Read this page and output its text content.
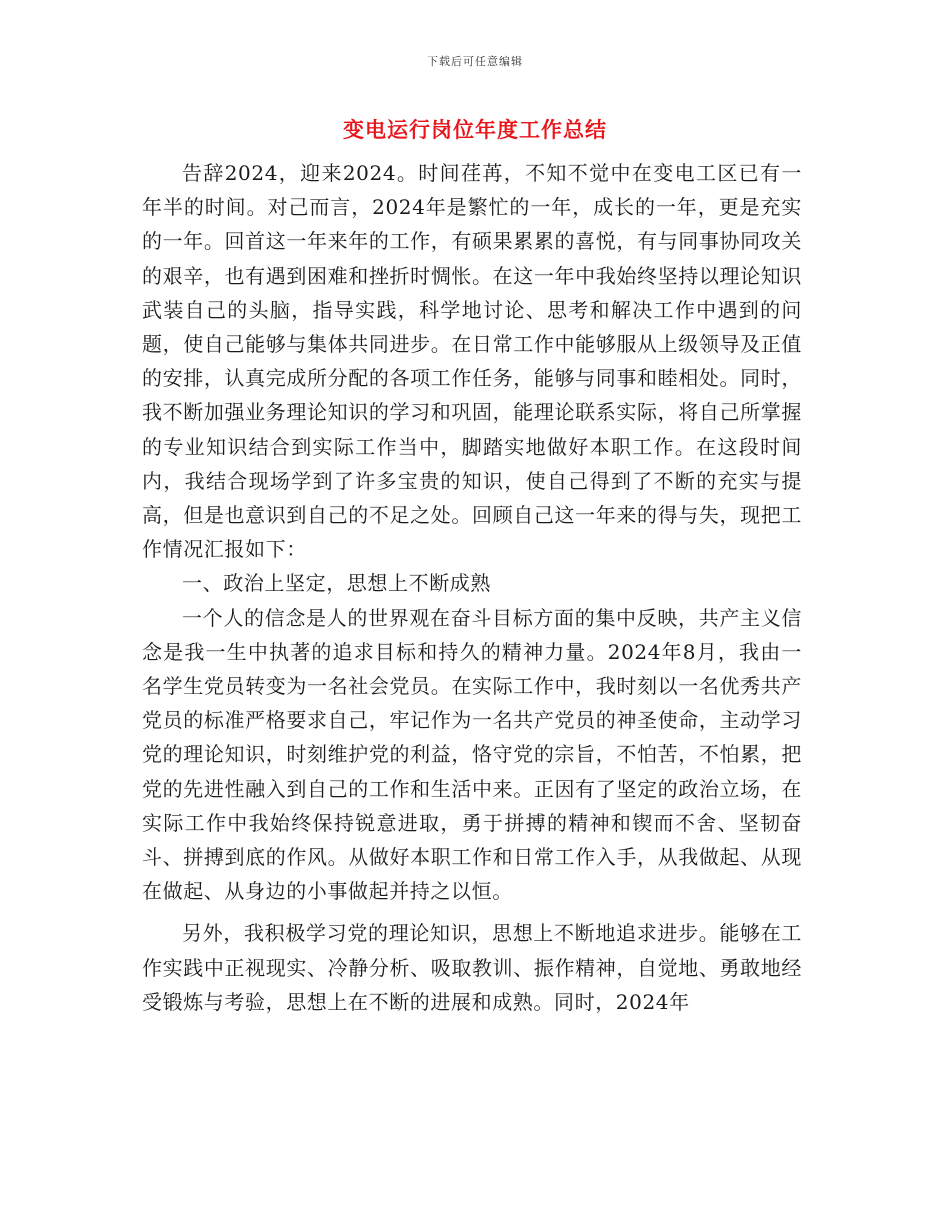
下载后可任意编辑
变电运行岗位年度工作总结

告辞2024，迎来2024。时间荏苒，不知不觉中在变电工区已有一年半的时间。对己而言，2024年是繁忙的一年，成长的一年，更是充实的一年。回首这一年来年的工作，有硕果累累的喜悦，有与同事协同攻关的艰辛，也有遇到困难和挫折时惆怅。在这一年中我始终坚持以理论知识武装自己的头脑，指导实践，科学地讨论、思考和解决工作中遇到的问题，使自己能够与集体共同进步。在日常工作中能够服从上级领导及正值的安排，认真完成所分配的各项工作任务，能够与同事和睦相处。同时，我不断加强业务理论知识的学习和巩固，能理论联系实际，将自己所掌握的专业知识结合到实际工作当中，脚踏实地做好本职工作。在这段时间内，我结合现场学到了许多宝贵的知识，使自己得到了不断的充实与提高，但是也意识到自己的不足之处。回顾自己这一年来的得与失，现把工作情况汇报如下：

一、政治上坚定，思想上不断成熟

一个人的信念是人的世界观在奋斗目标方面的集中反映，共产主义信念是我一生中执著的追求目标和持久的精神力量。2024年8月，我由一名学生党员转变为一名社会党员。在实际工作中，我时刻以一名优秀共产党员的标准严格要求自己，牢记作为一名共产党员的神圣使命，主动学习党的理论知识，时刻维护党的利益，恪守党的宗旨，不怕苦，不怕累，把党的先进性融入到自己的工作和生活中来。正因有了坚定的政治立场，在实际工作中我始终保持锐意进取，勇于拼搏的精神和锲而不舍、坚韧奋斗、拼搏到底的作风。从做好本职工作和日常工作入手，从我做起、从现在做起、从身边的小事做起并持之以恒。

另外，我积极学习党的理论知识，思想上不断地追求进步。能够在工作实践中正视现实、冷静分析、吸取教训、振作精神，自觉地、勇敢地经受锻炼与考验，思想上在不断的进展和成熟。同时，2024年
